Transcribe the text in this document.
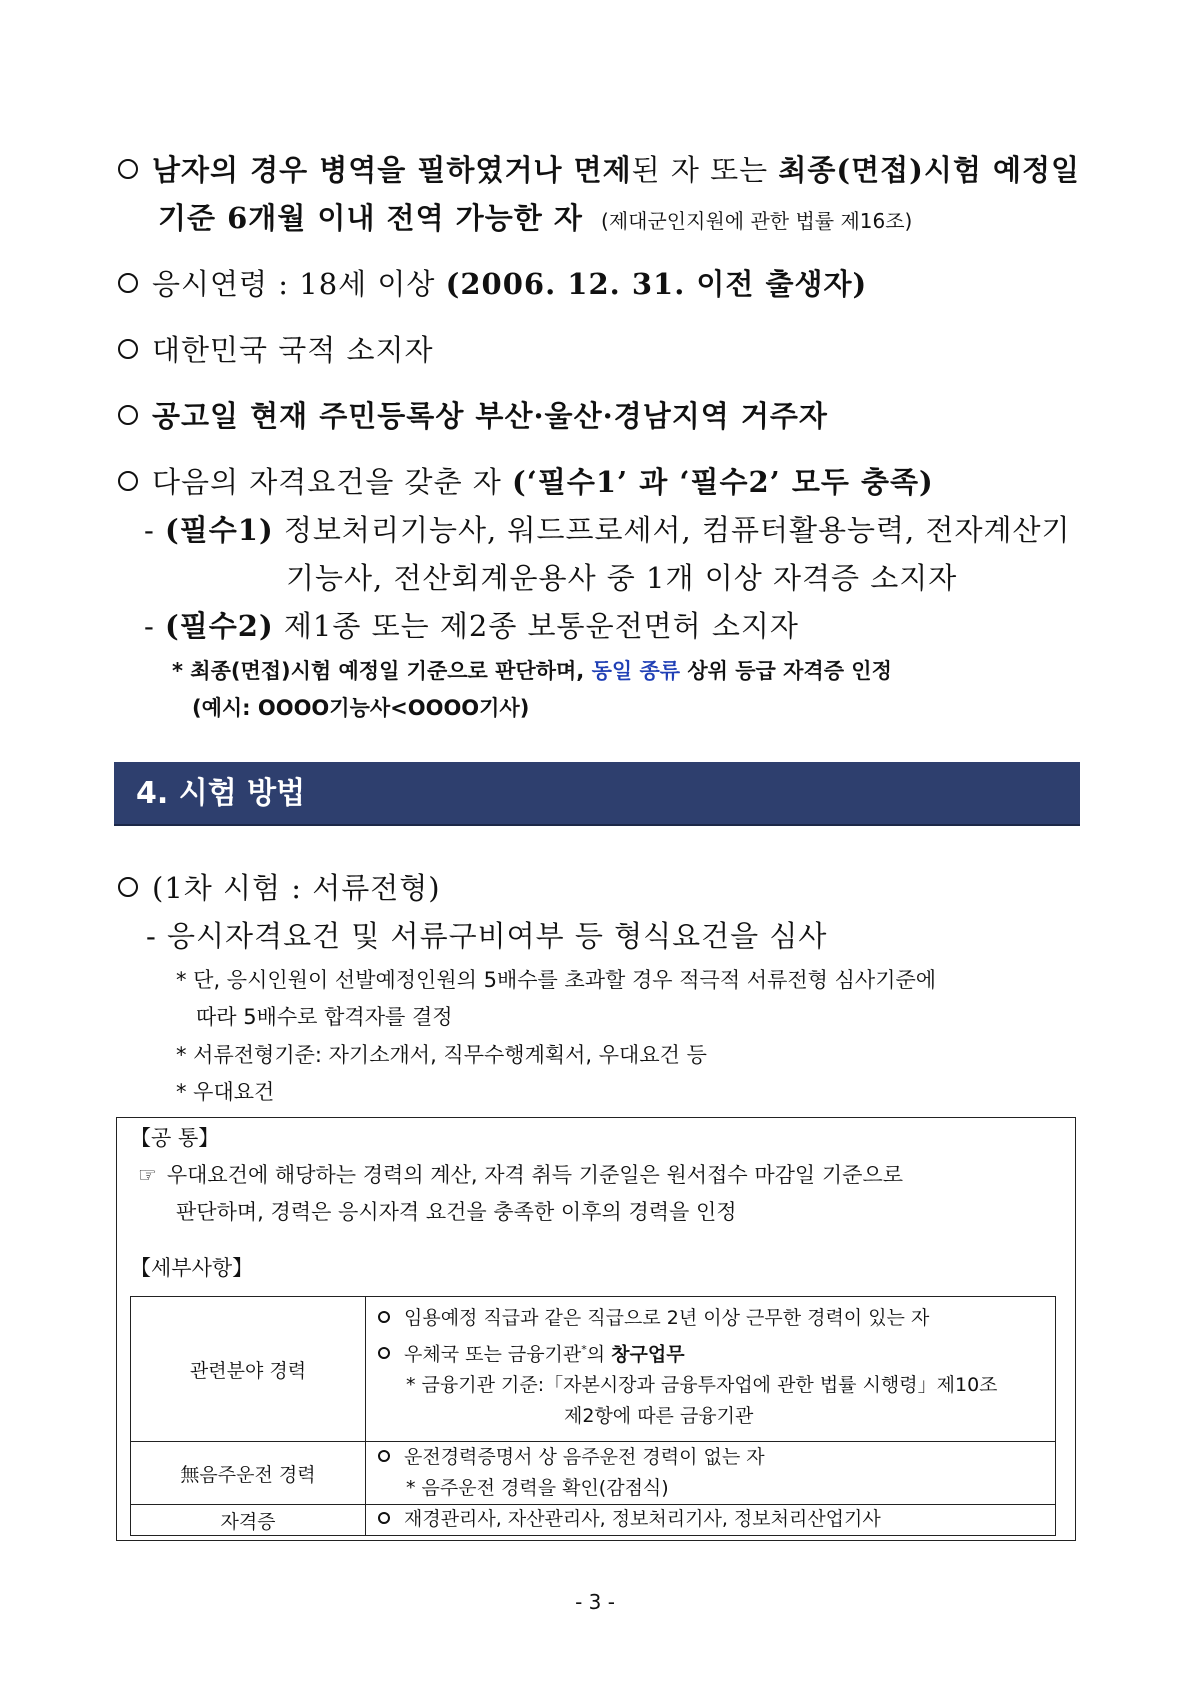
남자의 경우 병역을 필하였거나 면제된 자 또는 최종(면접)시험 예정일
기준 6개월 이내 전역 가능한 자 (제대군인지원에 관한 법률 제16조)
응시연령 : 18세 이상 (2006. 12. 31. 이전 출생자)
대한민국 국적 소지자
공고일 현재 주민등록상 부산·울산·경남지역 거주자
다음의 자격요건을 갖춘 자 (‘필수1’ 과 ‘필수2’ 모두 충족)
- (필수1) 정보처리기능사, 워드프로세서, 컴퓨터활용능력, 전자계산기
기능사, 전산회계운용사 중 1개 이상 자격증 소지자
- (필수2) 제1종 또는 제2종 보통운전면허 소지자
* 최종(면접)시험 예정일 기준으로 판단하며, 동일 종류 상위 등급 자격증 인정
(예시: OOOO기능사<OOOO기사)
4. 시험 방법
(1차 시험 : 서류전형)
- 응시자격요건 및 서류구비여부 등 형식요건을 심사
* 단, 응시인원이 선발예정인원의 5배수를 초과할 경우 적극적 서류전형 심사기준에
따라 5배수로 합격자를 결정
* 서류전형기준: 자기소개서, 직무수행계획서, 우대요건 등
* 우대요건
【공 통】
☞ 우대요건에 해당하는 경력의 계산, 자격 취득 기준일은 원서접수 마감일 기준으로
판단하며, 경력은 응시자격 요건을 충족한 이후의 경력을 인정
【세부사항】
관련분야 경력	임용예정 직급과 같은 직급으로 2년 이상 근무한 경력이 있는 자
우체국 또는 금융기관*의 창구업무
* 금융기관 기준:「자본시장과 금융투자업에 관한 법률 시행령」제10조
제2항에 따른 금융기관

無음주운전 경력	운전경력증명서 상 음주운전 경력이 없는 자
* 음주운전 경력을 확인(감점식)

자격증	재경관리사, 자산관리사, 정보처리기사, 정보처리산업기사
- 3 -
